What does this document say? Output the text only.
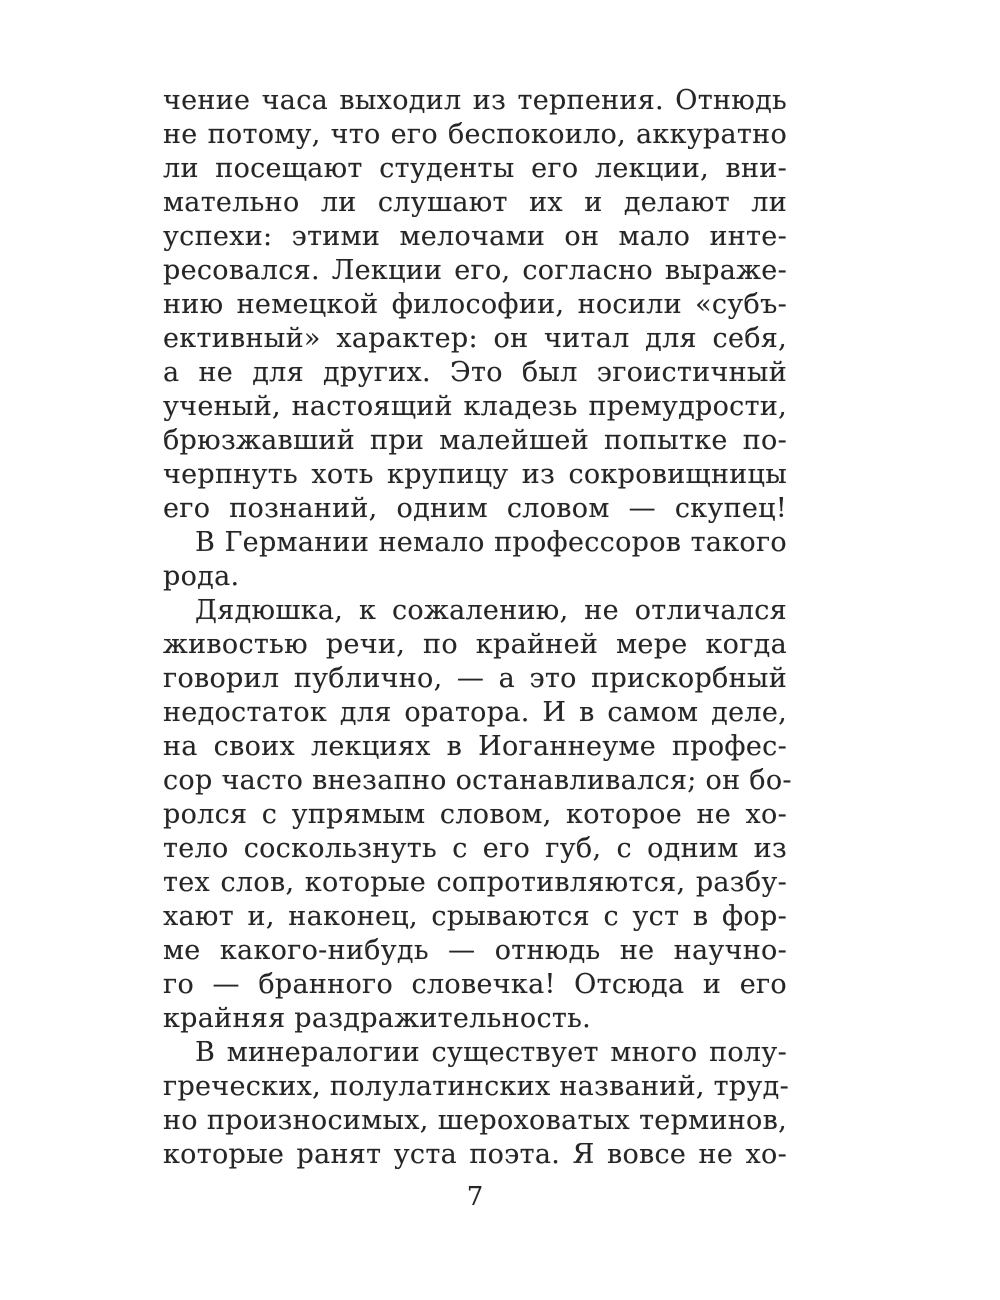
чение часа выходил из терпения. Отнюдь
не потому, что его беспокоило, аккуратно
ли посещают студенты его лекции, вни-
мательно ли слушают их и делают ли
успехи: этими мелочами он мало инте-
ресовался. Лекции его, согласно выраже-
нию немецкой философии, носили «субъ-
ективный» характер: он читал для себя,
а не для других. Это был эгоистичный
ученый, настоящий кладезь премудрости,
брюзжавший при малейшей попытке по-
черпнуть хоть крупицу из сокровищницы
его познаний, одним словом — скупец!
В Германии немало профессоров такого
рода.
Дядюшка, к сожалению, не отличался
живостью речи, по крайней мере когда
говорил публично, — а это прискорбный
недостаток для оратора. И в самом деле,
на своих лекциях в Иоганнеуме профес-
сор часто внезапно останавливался; он бо-
ролся с упрямым словом, которое не хо-
тело соскользнуть с его губ, с одним из
тех слов, которые сопротивляются, разбу-
хают и, наконец, срываются с уст в фор-
ме какого-нибудь — отнюдь не научно-
го — бранного словечка! Отсюда и его
крайняя раздражительность.
В минералогии существует много полу-
греческих, полулатинских названий, труд-
но произносимых, шероховатых терминов,
которые ранят уста поэта. Я вовсе не хо-
7
